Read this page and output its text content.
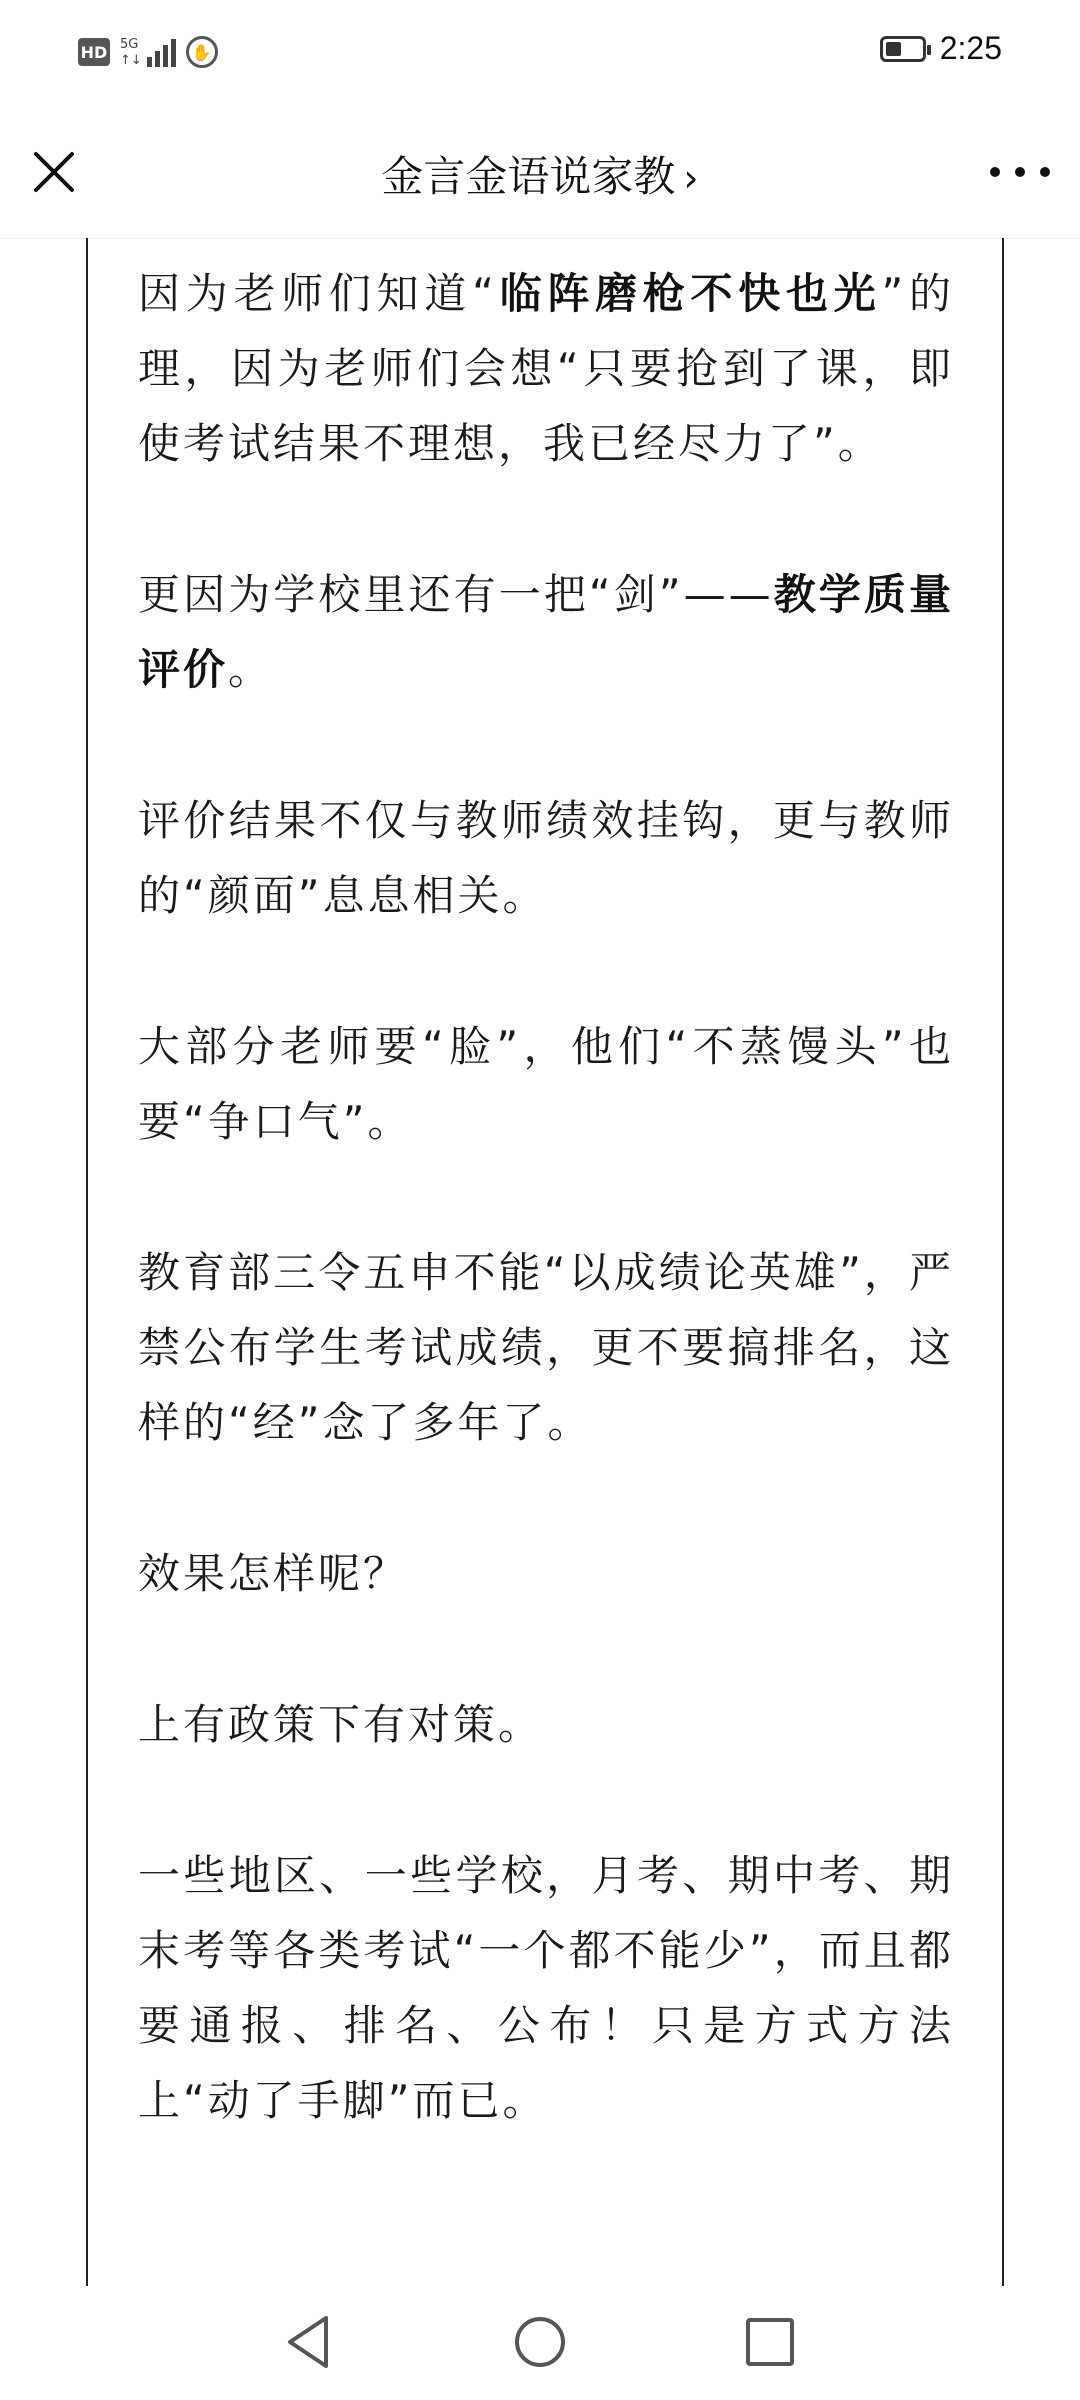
HD 5G
↑↓	✋	2:25
金言金语说家教 ›

因为老师们知道“临阵磨枪不快也光”的理，因为老师们会想“只要抢到了课，即使考试结果不理想，我已经尽力了”。

更因为学校里还有一把“剑”——教学质量评价。

评价结果不仅与教师绩效挂钩，更与教师的“颜面”息息相关。

大部分老师要“脸”，他们“不蒸馒头”也要“争口气”。

教育部三令五申不能“以成绩论英雄”，严禁公布学生考试成绩，更不要搞排名，这样的“经”念了多年了。

效果怎样呢？

上有政策下有对策。

一些地区、一些学校，月考、期中考、期末考等各类考试“一个都不能少”，而且都要通报、排名、公布！只是方式方法上“动了手脚”而已。
